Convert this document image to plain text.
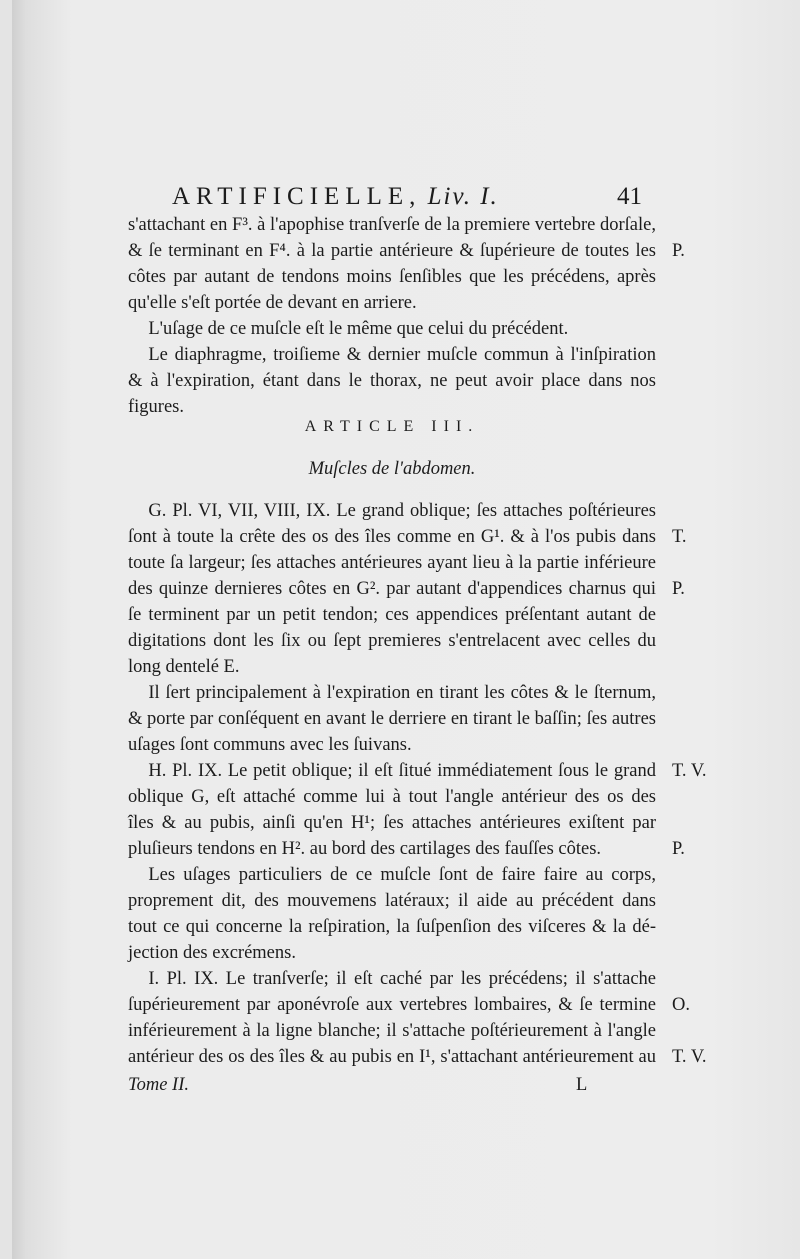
ARTIFICIELLE, Liv. I.	41

s'attachant en F³. à l'apophise tranſverſe de la premiere vertebre dorſale,

& ſe terminant en F⁴. à la partie antérieure & ſupérieure de toutes les

côtes par autant de tendons moins ſenſibles que les précédens, après

qu'elle s'eſt portée de devant en arriere.

L'uſage de ce muſcle eſt le même que celui du précédent.

Le diaphragme, troiſieme & dernier muſcle commun à l'inſpiration

& à l'expiration, étant dans le thorax, ne peut avoir place dans nos

figures.

ARTICLE III.

Muſcles de l'abdomen.

G. Pl. VI, VII, VIII, IX. Le grand oblique; ſes attaches poſtérieures

ſont à toute la crête des os des îles comme en G¹. & à l'os pubis dans

toute ſa largeur; ſes attaches antérieures ayant lieu à la partie inférieure

des quinze dernieres côtes en G². par autant d'appendices charnus qui

ſe terminent par un petit tendon; ces appendices préſentant autant de

digitations dont les ſix ou ſept premieres s'entrelacent avec celles du

long dentelé E.

Il ſert principalement à l'expiration en tirant les côtes & le ſternum,

& porte par conſéquent en avant le derriere en tirant le baſſin; ſes autres

uſages ſont communs avec les ſuivans.

H. Pl. IX. Le petit oblique; il eſt ſitué immédiatement ſous le grand

oblique G, eſt attaché comme lui à tout l'angle antérieur des os des

îles & au pubis, ainſi qu'en H¹; ſes attaches antérieures exiſtent par

pluſieurs tendons en H². au bord des cartilages des fauſſes côtes.

Les uſages particuliers de ce muſcle ſont de faire faire au corps,

proprement dit, des mouvemens latéraux; il aide au précédent dans

tout ce qui concerne la reſpiration, la ſuſpenſion des viſceres & la dé-

jection des excrémens.

I. Pl. IX. Le tranſverſe; il eſt caché par les précédens; il s'attache

ſupérieurement par aponévroſe aux vertebres lombaires, & ſe termine

inférieurement à la ligne blanche; il s'attache poſtérieurement à l'angle

antérieur des os des îles & au pubis en I¹, s'attachant antérieurement au

P.
T.
P.
T. V.
P.
O.
T. V.
Tome II.	L
